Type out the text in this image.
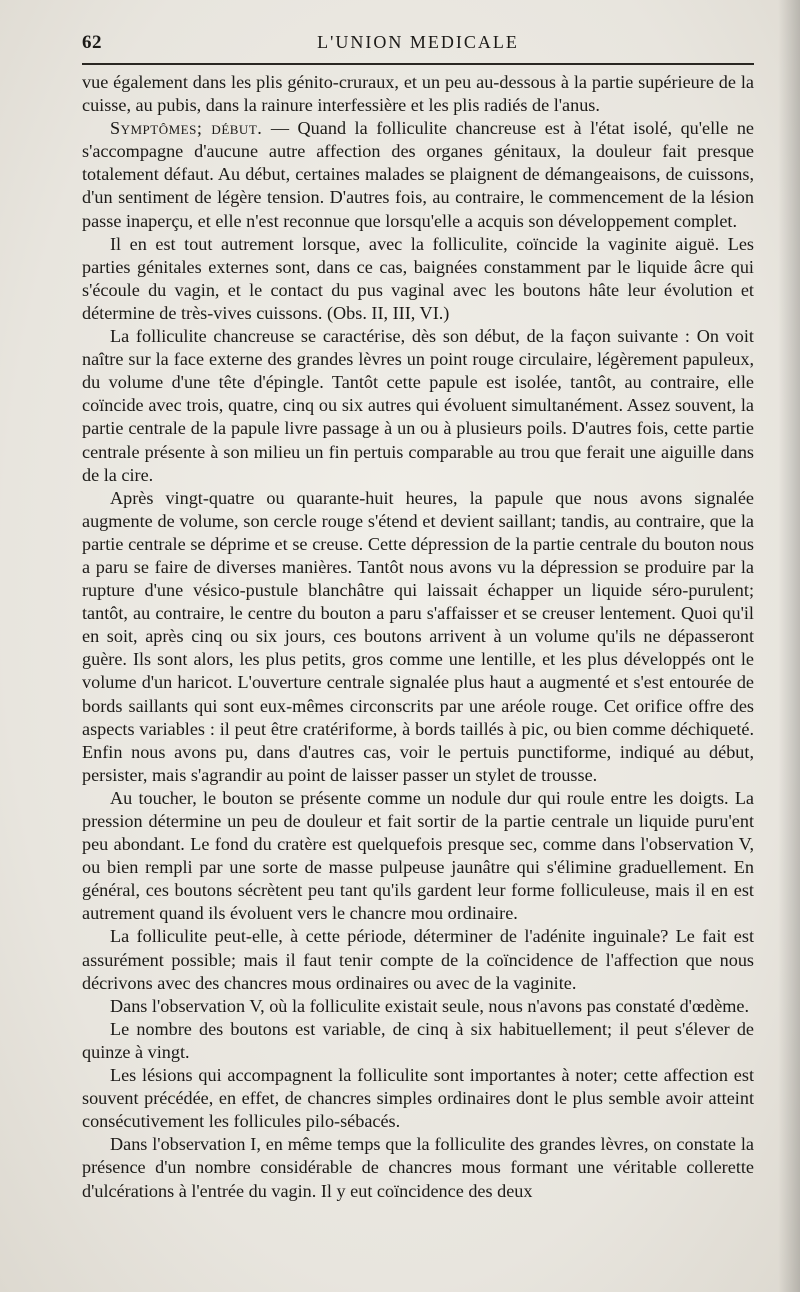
62	L'UNION MEDICALE

vue également dans les plis génito-cruraux, et un peu au-dessous à la partie supérieure de la cuisse, au pubis, dans la rainure interfessière et les plis radiés de l'anus.

Symptômes; début. — Quand la folliculite chancreuse est à l'état isolé, qu'elle ne s'accompagne d'aucune autre affection des organes génitaux, la douleur fait presque totalement défaut. Au début, certaines malades se plaignent de démangeaisons, de cuissons, d'un sentiment de légère tension. D'autres fois, au contraire, le commencement de la lésion passe inaperçu, et elle n'est reconnue que lorsqu'elle a acquis son développement complet.

Il en est tout autrement lorsque, avec la folliculite, coïncide la vaginite aiguë. Les parties génitales externes sont, dans ce cas, baignées constamment par le liquide âcre qui s'écoule du vagin, et le contact du pus vaginal avec les boutons hâte leur évolution et détermine de très-vives cuissons. (Obs. II, III, VI.)

La folliculite chancreuse se caractérise, dès son début, de la façon suivante : On voit naître sur la face externe des grandes lèvres un point rouge circulaire, légèrement papuleux, du volume d'une tête d'épingle. Tantôt cette papule est isolée, tantôt, au contraire, elle coïncide avec trois, quatre, cinq ou six autres qui évoluent simultanément. Assez souvent, la partie centrale de la papule livre passage à un ou à plusieurs poils. D'autres fois, cette partie centrale présente à son milieu un fin pertuis comparable au trou que ferait une aiguille dans de la cire.

Après vingt-quatre ou quarante-huit heures, la papule que nous avons signalée augmente de volume, son cercle rouge s'étend et devient saillant; tandis, au contraire, que la partie centrale se déprime et se creuse. Cette dépression de la partie centrale du bouton nous a paru se faire de diverses manières. Tantôt nous avons vu la dépression se produire par la rupture d'une vésico-pustule blanchâtre qui laissait échapper un liquide séro-purulent; tantôt, au contraire, le centre du bouton a paru s'affaisser et se creuser lentement. Quoi qu'il en soit, après cinq ou six jours, ces boutons arrivent à un volume qu'ils ne dépasseront guère. Ils sont alors, les plus petits, gros comme une lentille, et les plus développés ont le volume d'un haricot. L'ouverture centrale signalée plus haut a augmenté et s'est entourée de bords saillants qui sont eux-mêmes circonscrits par une aréole rouge. Cet orifice offre des aspects variables : il peut être cratériforme, à bords taillés à pic, ou bien comme déchiqueté. Enfin nous avons pu, dans d'autres cas, voir le pertuis punctiforme, indiqué au début, persister, mais s'agrandir au point de laisser passer un stylet de trousse.

Au toucher, le bouton se présente comme un nodule dur qui roule entre les doigts. La pression détermine un peu de douleur et fait sortir de la partie centrale un liquide puru'ent peu abondant. Le fond du cratère est quelquefois presque sec, comme dans l'observation V, ou bien rempli par une sorte de masse pulpeuse jaunâtre qui s'élimine graduellement. En général, ces boutons sécrètent peu tant qu'ils gardent leur forme folliculeuse, mais il en est autrement quand ils évoluent vers le chancre mou ordinaire.

La folliculite peut-elle, à cette période, déterminer de l'adénite inguinale? Le fait est assurément possible; mais il faut tenir compte de la coïncidence de l'affection que nous décrivons avec des chancres mous ordinaires ou avec de la vaginite.

Dans l'observation V, où la folliculite existait seule, nous n'avons pas constaté d'œdème.

Le nombre des boutons est variable, de cinq à six habituellement; il peut s'élever de quinze à vingt.

Les lésions qui accompagnent la folliculite sont importantes à noter; cette affection est souvent précédée, en effet, de chancres simples ordinaires dont le plus semble avoir atteint consécutivement les follicules pilo-sébacés.

Dans l'observation I, en même temps que la folliculite des grandes lèvres, on constate la présence d'un nombre considérable de chancres mous formant une véritable collerette d'ulcérations à l'entrée du vagin. Il y eut coïncidence des deux
